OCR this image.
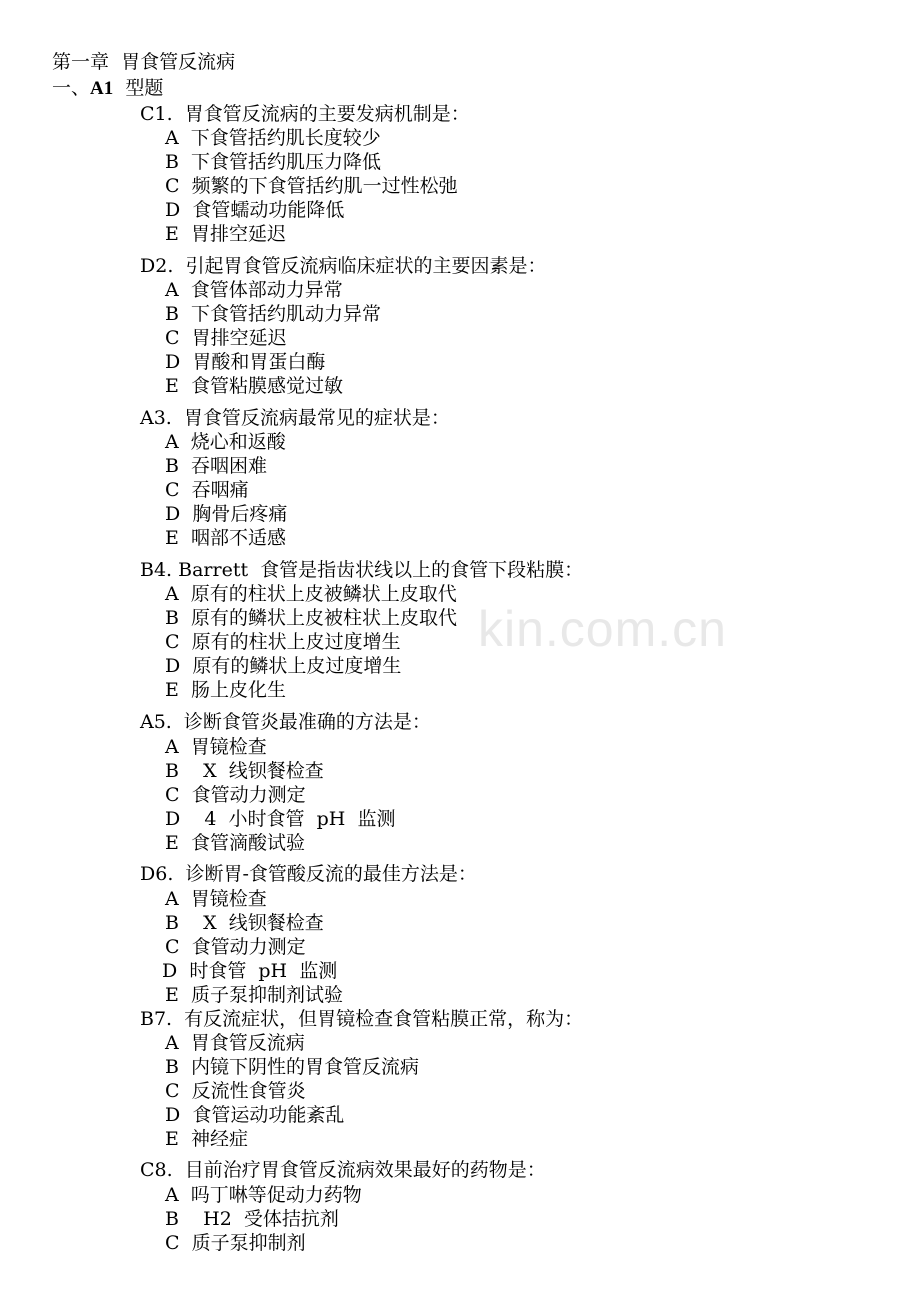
kin.com.cn
第一章  胃食管反流病
一、A1  型题
C1.  胃食管反流病的主要发病机制是：
A  下食管括约肌长度较少
B  下食管括约肌压力降低
C  频繁的下食管括约肌一过性松弛
D  食管蠕动功能降低
E  胃排空延迟
D2.  引起胃食管反流病临床症状的主要因素是：
A  食管体部动力异常
B  下食管括约肌动力异常
C  胃排空延迟
D  胃酸和胃蛋白酶
E  食管粘膜感觉过敏
A3.  胃食管反流病最常见的症状是：
A  烧心和返酸
B  吞咽困难
C  吞咽痛
D  胸骨后疼痛
E  咽部不适感
B4. Barrett  食管是指齿状线以上的食管下段粘膜：
A  原有的柱状上皮被鳞状上皮取代
B  原有的鳞状上皮被柱状上皮取代
C  原有的柱状上皮过度增生
D  原有的鳞状上皮过度增生
E  肠上皮化生
A5.  诊断食管炎最准确的方法是：
A  胃镜检查
B    X  线钡餐检查
C  食管动力测定
D    4  小时食管  pH  监测
E  食管滴酸试验
D6.  诊断胃-食管酸反流的最佳方法是：
A  胃镜检查
B    X  线钡餐检查
C  食管动力测定
D  时食管  pH  监测
E  质子泵抑制剂试验
B7.  有反流症状，但胃镜检查食管粘膜正常，称为：
A  胃食管反流病
B  内镜下阴性的胃食管反流病
C  反流性食管炎
D  食管运动功能紊乱
E  神经症
C8.  目前治疗胃食管反流病效果最好的药物是：
A  吗丁啉等促动力药物
B    H2  受体拮抗剂
C  质子泵抑制剂
